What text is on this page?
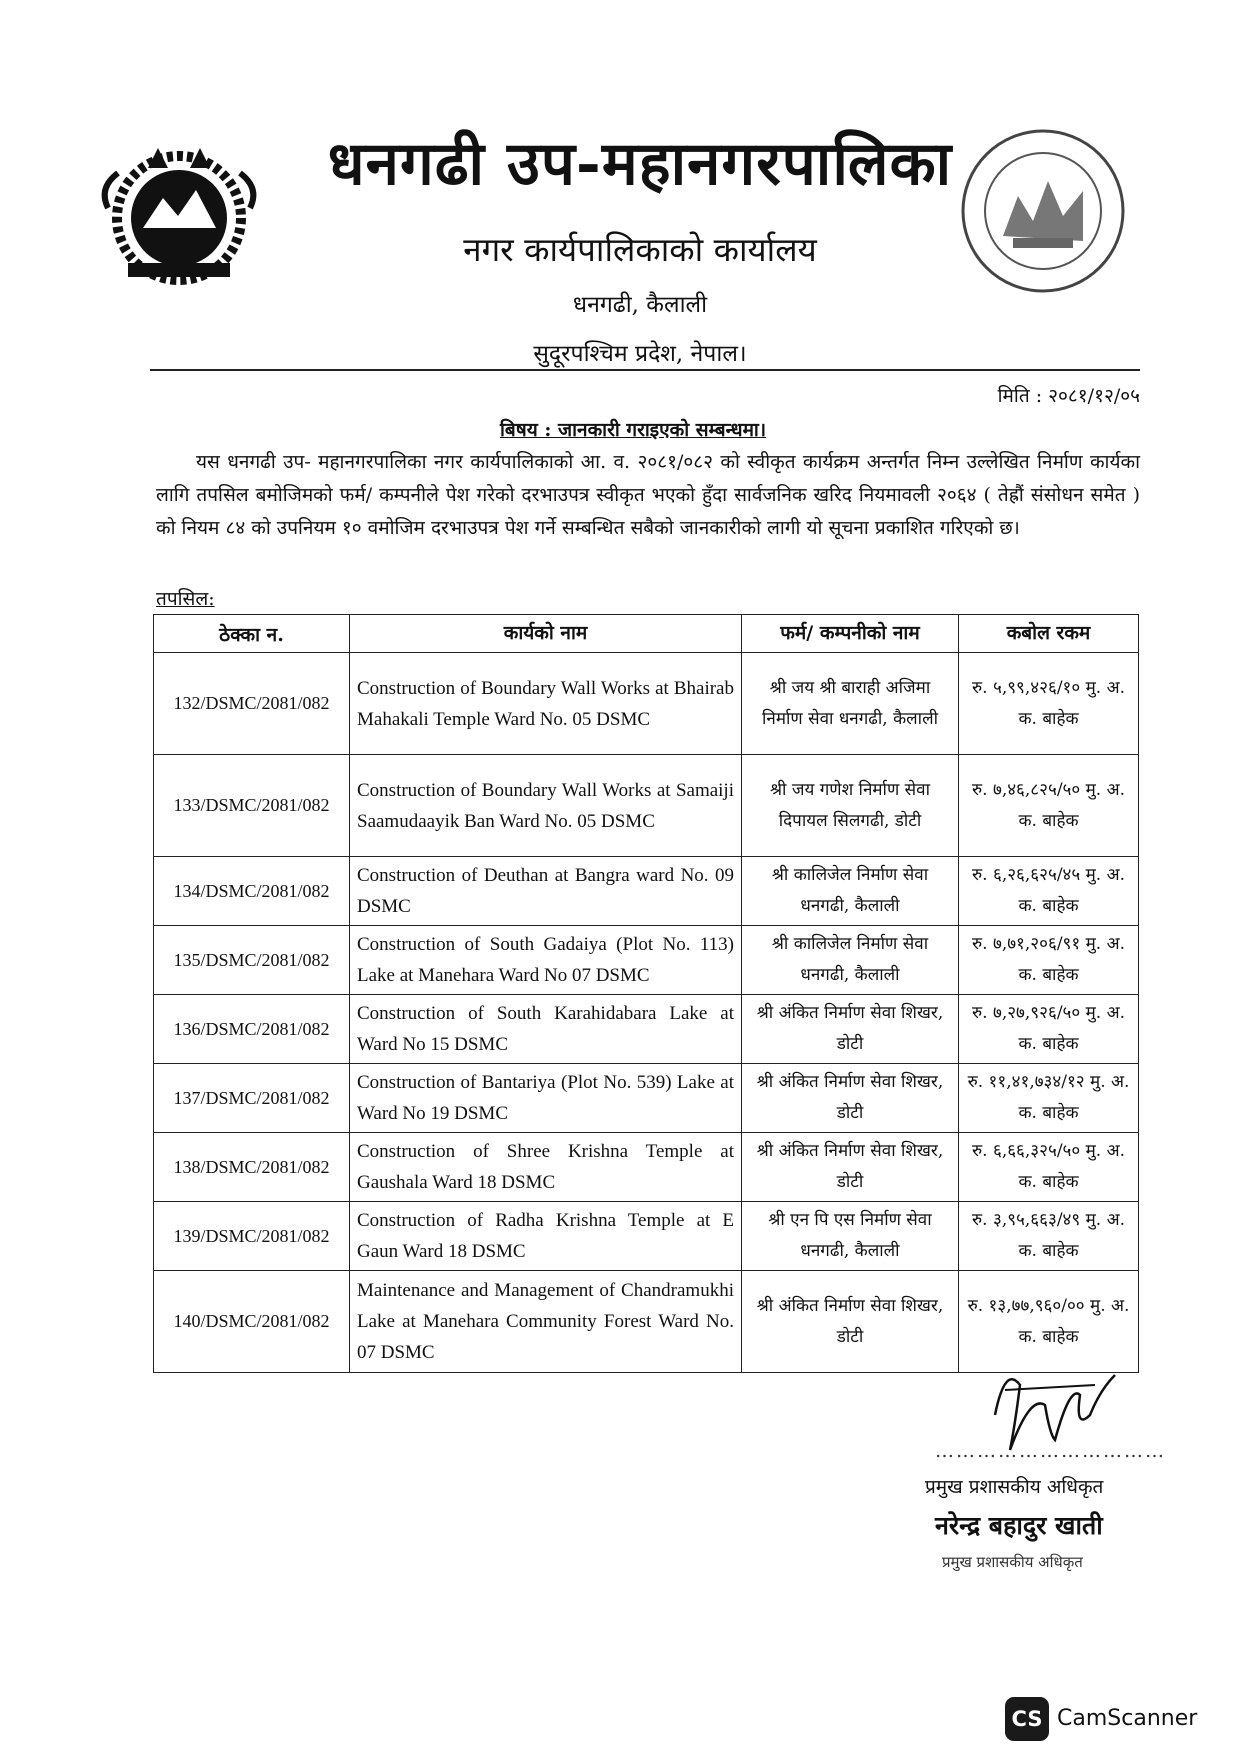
धनगढी उप-महानगरपालिका
नगर कार्यपालिकाको कार्यालय
धनगढी, कैलाली
सुदूरपश्चिम प्रदेश, नेपाल।
मिति : २०८१/१२/०५
बिषय : जानकारी गराइएको सम्बन्धमा।
यस धनगढी उप- महानगरपालिका नगर कार्यपालिकाको आ. व. २०८१/०८२ को स्वीकृत कार्यक्रम अन्तर्गत निम्न उल्लेखित निर्माण कार्यका लागि तपसिल बमोजिमको फर्म/ कम्पनीले पेश गरेको दरभाउपत्र स्वीकृत भएको हुँदा सार्वजनिक खरिद नियमावली २०६४ ( तेह्रौं संसोधन समेत ) को नियम ८४ को उपनियम १० वमोजिम दरभाउपत्र पेश गर्ने सम्बन्धित सबैको जानकारीको लागी यो सूचना प्रकाशित गरिएको छ।
तपसिल:
ठेक्का न.	कार्यको नाम	फर्म/ कम्पनीको नाम	कबोल रकम
132/DSMC/2081/082	Construction of Boundary Wall Works at Bhairab Mahakali Temple Ward No. 05 DSMC	श्री जय श्री बाराही अजिमा निर्माण सेवा धनगढी, कैलाली	रु. ५,९९,४२६/१० मु. अ. क. बाहेक
133/DSMC/2081/082	Construction of Boundary Wall Works at Samaiji Saamudaayik Ban Ward No. 05 DSMC	श्री जय गणेश निर्माण सेवा दिपायल सिलगढी, डोटी	रु. ७,४६,८२५/५० मु. अ. क. बाहेक
134/DSMC/2081/082	Construction of Deuthan at Bangra ward No. 09 DSMC	श्री कालिजेल निर्माण सेवा धनगढी, कैलाली	रु. ६,२६,६२५/४५ मु. अ. क. बाहेक
135/DSMC/2081/082	Construction of South Gadaiya (Plot No. 113) Lake at Manehara Ward No 07 DSMC	श्री कालिजेल निर्माण सेवा धनगढी, कैलाली	रु. ७,७१,२०६/९१ मु. अ. क. बाहेक
136/DSMC/2081/082	Construction of South Karahidabara Lake at Ward No 15 DSMC	श्री अंकित निर्माण सेवा शिखर, डोटी	रु. ७,२७,९२६/५० मु. अ. क. बाहेक
137/DSMC/2081/082	Construction of Bantariya (Plot No. 539) Lake at Ward No 19 DSMC	श्री अंकित निर्माण सेवा शिखर, डोटी	रु. ११,४१,७३४/१२ मु. अ. क. बाहेक
138/DSMC/2081/082	Construction of Shree Krishna Temple at Gaushala Ward 18 DSMC	श्री अंकित निर्माण सेवा शिखर, डोटी	रु. ६,६६,३२५/५० मु. अ. क. बाहेक
139/DSMC/2081/082	Construction of Radha Krishna Temple at E Gaun Ward 18 DSMC	श्री एन पि एस निर्माण सेवा धनगढी, कैलाली	रु. ३,९५,६६३/४९ मु. अ. क. बाहेक
140/DSMC/2081/082	Maintenance and Management of Chandramukhi Lake at Manehara Community Forest Ward No. 07 DSMC	श्री अंकित निर्माण सेवा शिखर, डोटी	रु. १३,७७,९६०/०० मु. अ. क. बाहेक
……………………………
प्रमुख प्रशासकीय अधिकृत
नरेन्द्र बहादुर खाती
प्रमुख प्रशासकीय अधिकृत
CS CamScanner
